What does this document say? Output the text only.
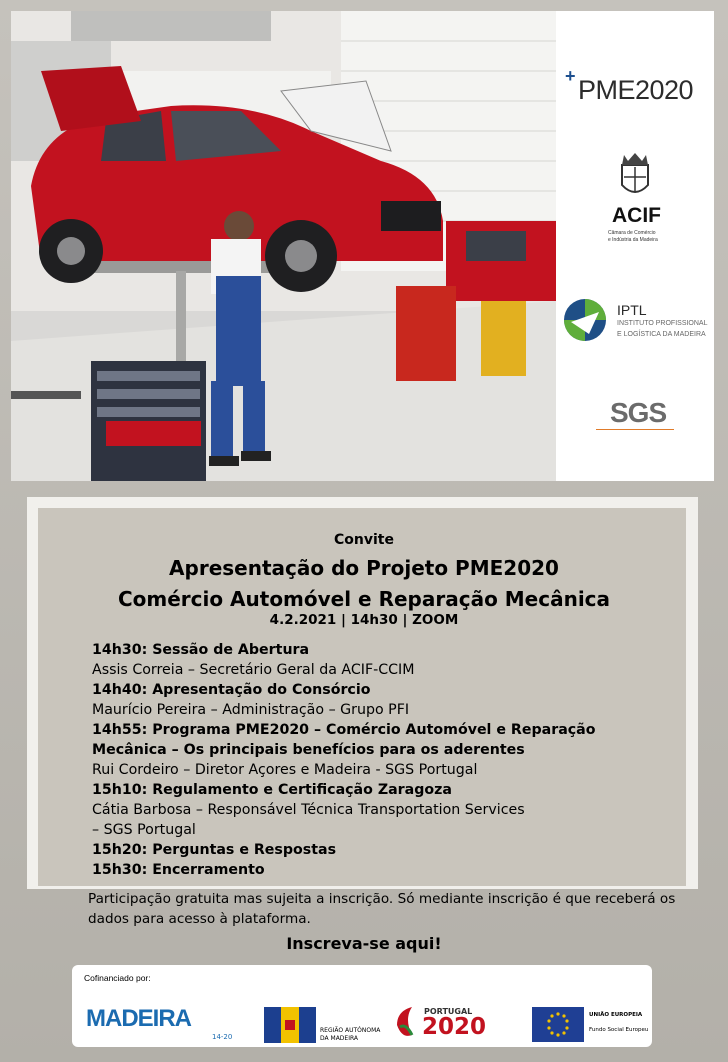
+ PME2020
ACIF
Câmara de Comércio
e Indústria da Madeira
IPTL
INSTITUTO PROFISSIONAL
E LOGÍSTICA DA MADEIRA
SGS
Convite
Apresentação do Projeto PME2020
Comércio Automóvel e Reparação Mecânica
4.2.2021 | 14h30 | ZOOM
14h30: Sessão de Abertura
Assis Correia – Secretário Geral da ACIF-CCIM
14h40: Apresentação do Consórcio
Maurício Pereira – Administração – Grupo PFI
14h55: Programa PME2020 – Comércio Automóvel e Reparação
Mecânica – Os principais benefícios para os aderentes
Rui Cordeiro – Diretor Açores e Madeira - SGS Portugal
15h10: Regulamento e Certificação Zaragoza
Cátia Barbosa – Responsável Técnica Transportation Services
– SGS Portugal
15h20: Perguntas e Respostas
15h30: Encerramento
Participação gratuita mas sujeita a inscrição. Só mediante inscrição é que receberá os
dados para acesso à plataforma.
Inscreva-se aqui!
Cofinanciado por:
MADEIRA
14-20
REGIÃO AUTÓNOMA
DA MADEIRA
PORTUGAL
2020	UNIÃO EUROPEIA
Fundo Social Europeu
